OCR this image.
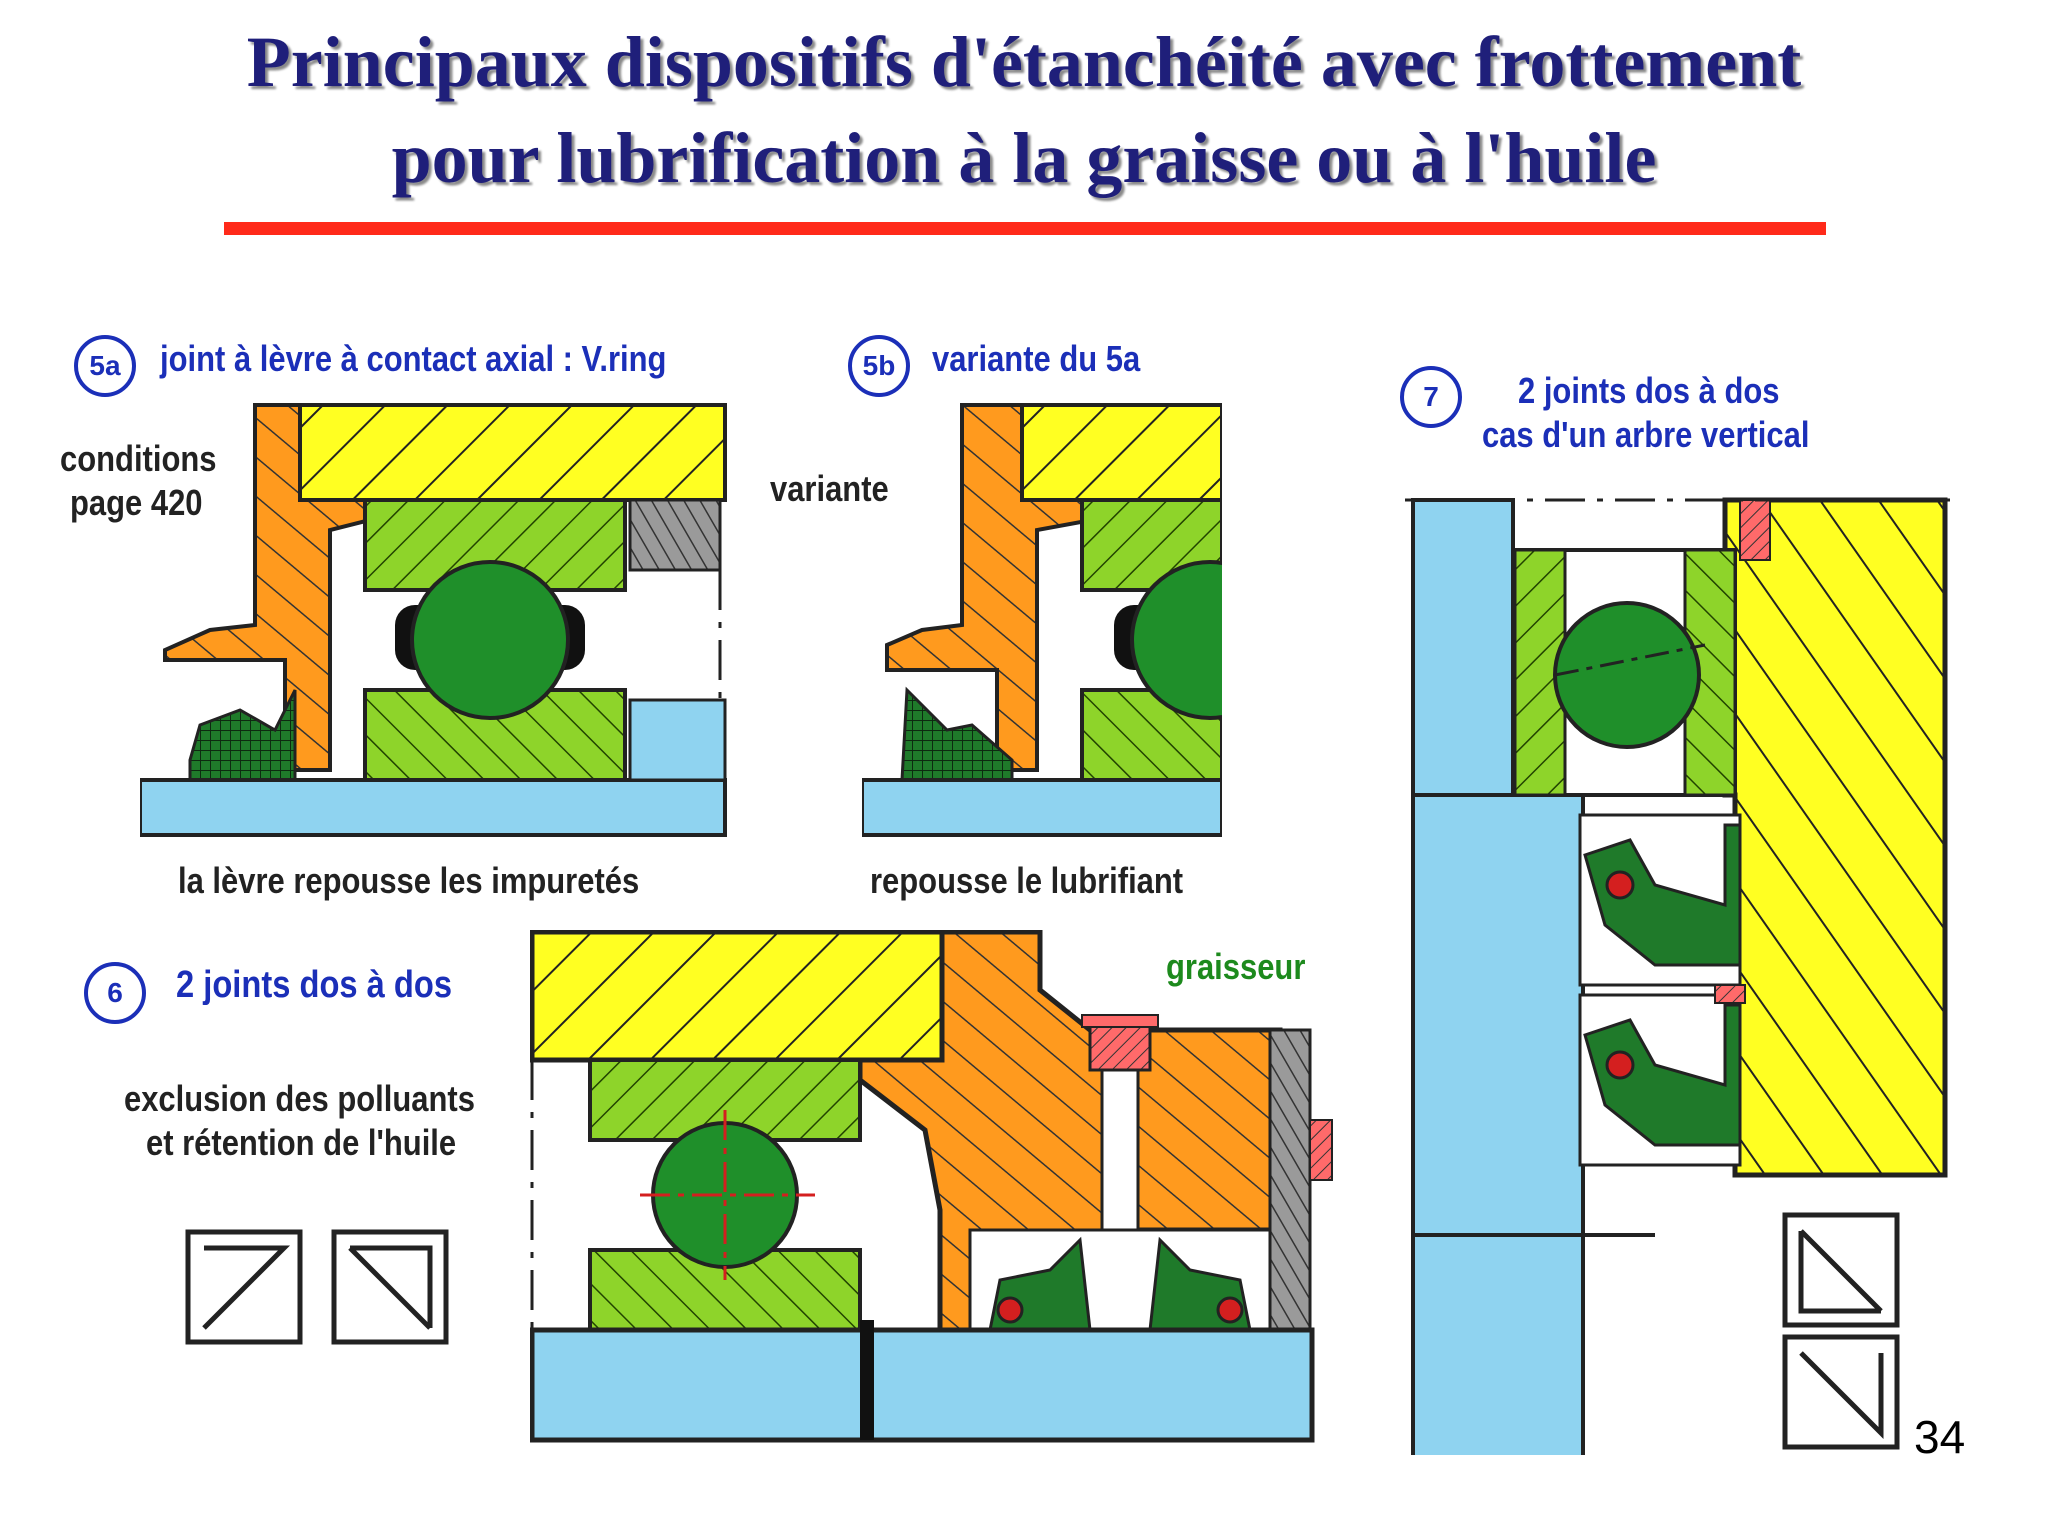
Principaux dispositifs d'étanchéité avec frottement
pour lubrification à la graisse ou à l'huile
5a joint à lèvre à contact axial : V.ring
conditions
page 420
la lèvre repousse les impuretés
5b variante du 5a
variante
repousse le lubrifiant
6 2 joints dos à dos
exclusion des polluants
et rétention de l'huile
graisseur
7 2 joints dos à dos
cas d'un arbre vertical
34
